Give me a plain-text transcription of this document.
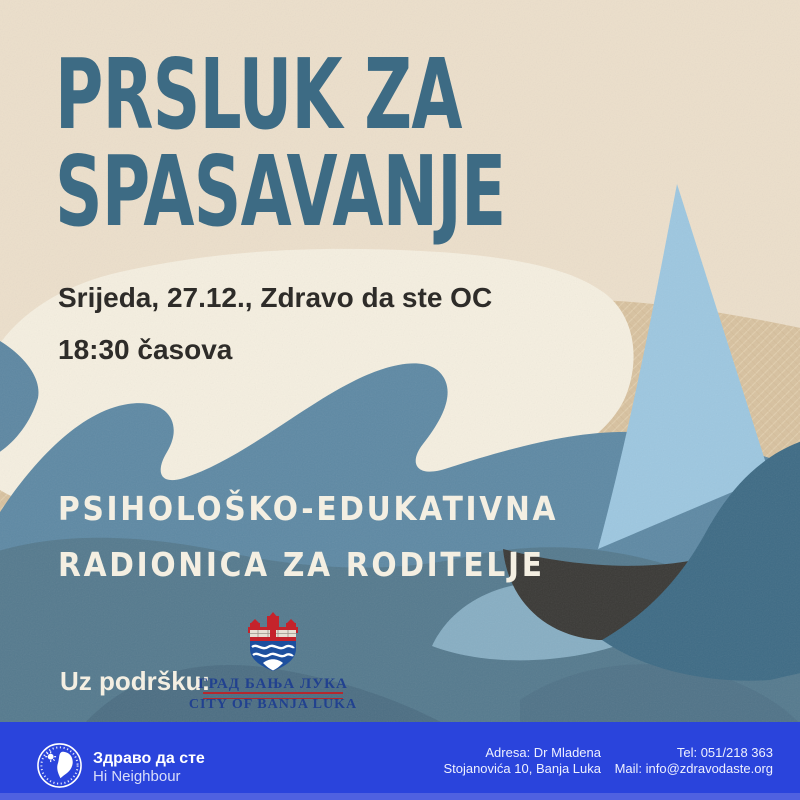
PRSLUK ZA
SPASAVANJE
Srijeda, 27.12., Zdravo da ste OC
18:30 časova
PSIHOLOŠKO-EDUKATIVNA
RADIONICA ZA RODITELJE
Uz podršku:
ГРАД БАЊА ЛУКА
CITY OF BANJA LUKA
Здраво да сте
Hi Neighbour
Adresa: Dr Mladena
Stojanovića 10, Banja Luka
Tel: 051/218 363
Mail: info@zdravodaste.org
